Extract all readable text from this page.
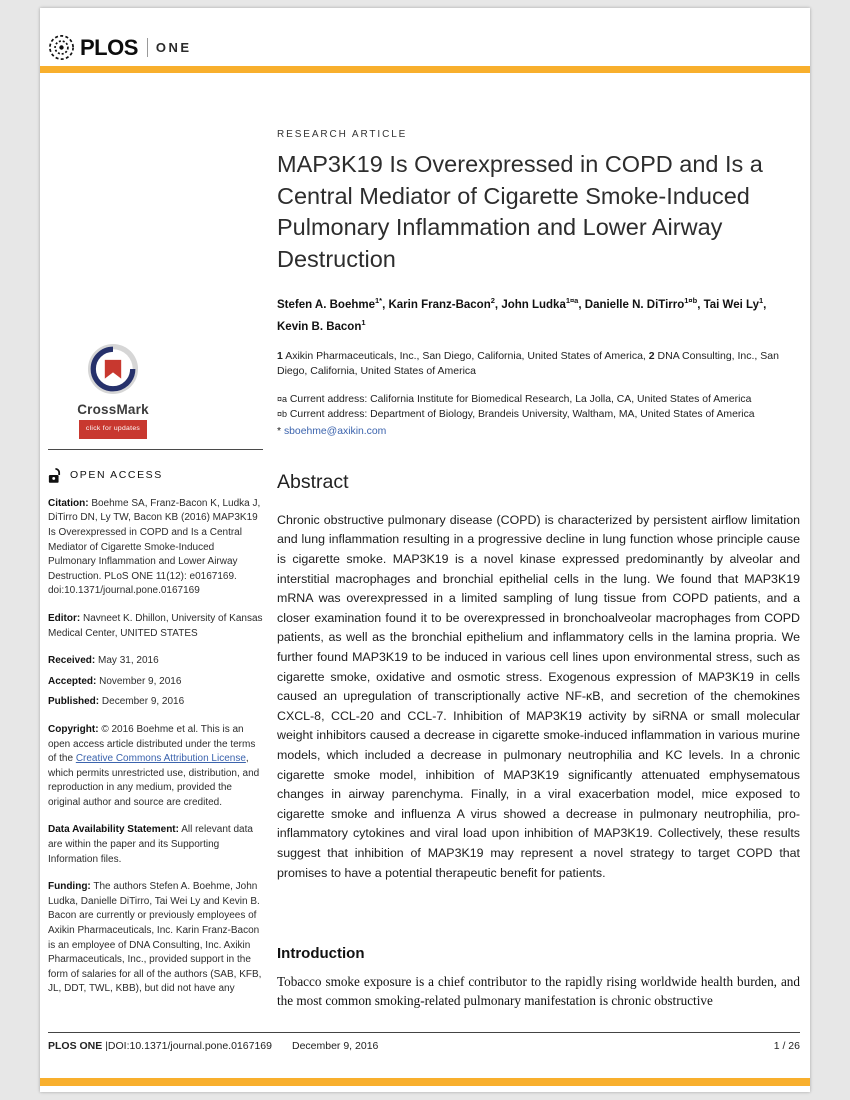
PLOS ONE
CrossMark
click for updates
OPEN ACCESS

Citation: Boehme SA, Franz-Bacon K, Ludka J, DiTirro DN, Ly TW, Bacon KB (2016) MAP3K19 Is Overexpressed in COPD and Is a Central Mediator of Cigarette Smoke-Induced Pulmonary Inflammation and Lower Airway Destruction. PLoS ONE 11(12): e0167169. doi:10.1371/journal.pone.0167169

Editor: Navneet K. Dhillon, University of Kansas Medical Center, UNITED STATES

Received: May 31, 2016

Accepted: November 9, 2016

Published: December 9, 2016

Copyright: © 2016 Boehme et al. This is an open access article distributed under the terms of the Creative Commons Attribution License, which permits unrestricted use, distribution, and reproduction in any medium, provided the original author and source are credited.

Data Availability Statement: All relevant data are within the paper and its Supporting Information files.

Funding: The authors Stefen A. Boehme, John Ludka, Danielle DiTirro, Tai Wei Ly and Kevin B. Bacon are currently or previously employees of Axikin Pharmaceuticals, Inc. Karin Franz-Bacon is an employee of DNA Consulting, Inc. Axikin Pharmaceuticals, Inc., provided support in the form of salaries for all of the authors (SAB, KFB, JL, DDT, TWL, KBB), but did not have any

RESEARCH ARTICLE
MAP3K19 Is Overexpressed in COPD and Is a Central Mediator of Cigarette Smoke-Induced Pulmonary Inflammation and Lower Airway Destruction

Stefen A. Boehme$^{1*}$, Karin Franz-Bacon$^2$, John Ludka$^{1¤a}$, Danielle N. DiTirro$^{1¤b}$, Tai Wei Ly$^1$, Kevin B. Bacon$^1$

1 Axikin Pharmaceuticals, Inc., San Diego, California, United States of America, 2 DNA Consulting, Inc., San Diego, California, United States of America

¤a Current address: California Institute for Biomedical Research, La Jolla, CA, United States of America
¤b Current address: Department of Biology, Brandeis University, Waltham, MA, United States of America
* sboehme@axikin.com
Abstract

Chronic obstructive pulmonary disease (COPD) is characterized by persistent airflow limitation and lung inflammation resulting in a progressive decline in lung function whose principle cause is cigarette smoke. MAP3K19 is a novel kinase expressed predominantly by alveolar and interstitial macrophages and bronchial epithelial cells in the lung. We found that MAP3K19 mRNA was overexpressed in a limited sampling of lung tissue from COPD patients, and a closer examination found it to be overexpressed in bronchoalveolar macrophages from COPD patients, as well as the bronchial epithelium and inflammatory cells in the lamina propria. We further found MAP3K19 to be induced in various cell lines upon environmental stress, such as cigarette smoke, oxidative and osmotic stress. Exogenous expression of MAP3K19 in cells caused an upregulation of transcriptionally active NF-κB, and secretion of the chemokines CXCL-8, CCL-20 and CCL-7. Inhibition of MAP3K19 activity by siRNA or small molecular weight inhibitors caused a decrease in cigarette smoke-induced inflammation in various murine models, which included a decrease in pulmonary neutrophilia and KC levels. In a chronic cigarette smoke model, inhibition of MAP3K19 significantly attenuated emphysematous changes in airway parenchyma. Finally, in a viral exacerbation model, mice exposed to cigarette smoke and influenza A virus showed a decrease in pulmonary neutrophilia, pro-inflammatory cytokines and viral load upon inhibition of MAP3K19. Collectively, these results suggest that inhibition of MAP3K19 may represent a novel strategy to target COPD that promises to have a potential therapeutic benefit for patients.

Introduction

Tobacco smoke exposure is a chief contributor to the rapidly rising worldwide health burden, and the most common smoking-related pulmonary manifestation is chronic obstructive

PLOS ONE |DOI:10.1371/journal.pone.0167169 December 9, 2016	1 / 26
